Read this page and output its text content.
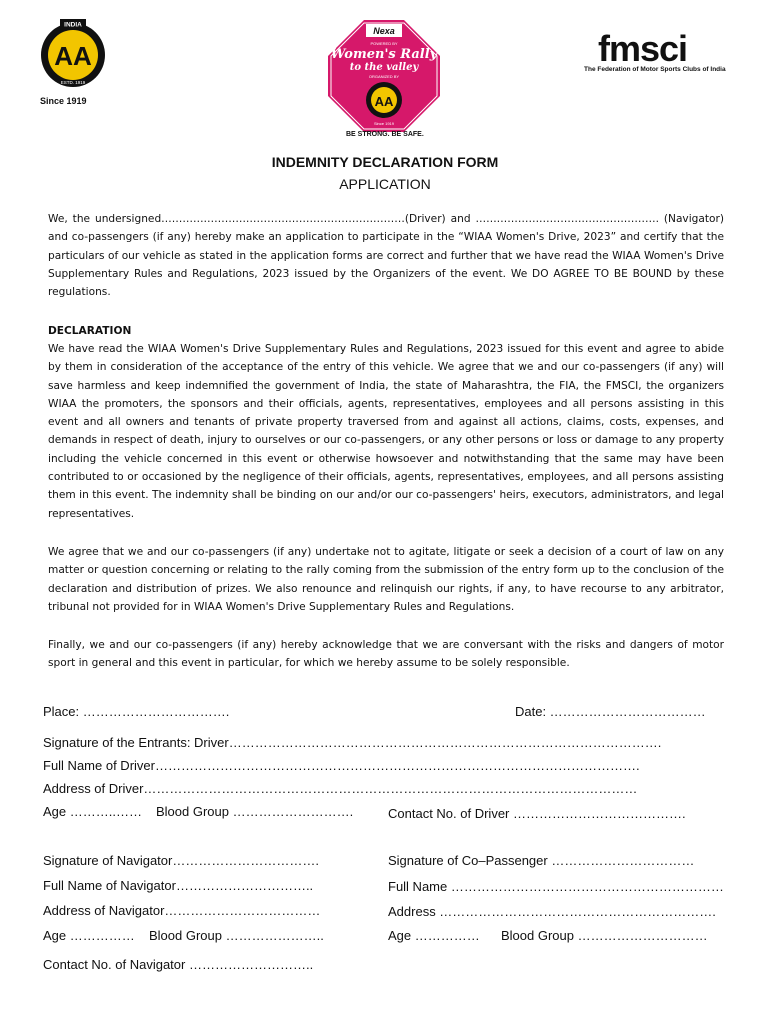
AA
INDIA
ESTD. 1919
Since 1919
Nexa
POWERED BY
Women's Rally
to the valley
ORGANIZED BY
AA
Since 1919
BE STRONG. BE SAFE.
fmsci
The Federation of Motor Sports Clubs of India
INDEMNITY DECLARATION FORM
APPLICATION
We, the undersigned……………………………………………………………(Driver) and ……………………………………………. (Navigator) and co-passengers (if any) hereby make an application to participate in the “WIAA Women's Drive, 2023” and certify that the particulars of our vehicle as stated in the application forms are correct and further that we have read the WIAA Women's Drive Supplementary Rules and Regulations, 2023 issued by the Organizers of the event. We DO AGREE TO BE BOUND by these regulations.
DECLARATION
We have read the WIAA Women's Drive Supplementary Rules and Regulations, 2023 issued for this event and agree to abide by them in consideration of the acceptance of the entry of this vehicle. We agree that we and our co-passengers (if any) will save harmless and keep indemnified the government of India, the state of Maharashtra, the FIA, the FMSCI, the organizers WIAA the promoters, the sponsors and their officials, agents, representatives, employees and all persons assisting in this event and all owners and tenants of private property traversed from and against all actions, claims, costs, expenses, and demands in respect of death, injury to ourselves or our co-passengers, or any other persons or loss or damage to any property including the vehicle concerned in this event or otherwise howsoever and notwithstanding that the same may have been contributed to or occasioned by the negligence of their officials, agents, representatives, employees, and all persons assisting them in this event. The indemnity shall be binding on our and/or our co-passengers' heirs, executors, administrators, and legal representatives.
We agree that we and our co-passengers (if any) undertake not to agitate, litigate or seek a decision of a court of law on any matter or question concerning or relating to the rally coming from the submission of the entry form up to the conclusion of the declaration and distribution of prizes. We also renounce and relinquish our rights, if any, to have recourse to any arbitrator, tribunal not provided for in WIAA Women's Drive Supplementary Rules and Regulations.
Finally, we and our co-passengers (if any) hereby acknowledge that we are conversant with the risks and dangers of motor sport in general and this event in particular, for which we hereby assume to be solely responsible.
Place: …………………………….	Date: ………………………………
Signature of the Entrants: Driver……………………………………………………………………………………….
Full Name of Driver………………………………………………………………………………………………….
Address of Driver……………………………………………………………………………………………………
Age ………..…… Blood Group ……………………….	Contact No. of Driver ………………………………….
Signature of Navigator…………………………….	Signature of Co–Passenger ……………………………
Full Name of Navigator…………………………..	Full Name ………………………………………………………
Address of Navigator………………………………	Address ……………………………………………………….
Age …………… Blood Group …………………..	Age …………… Blood Group …………………………
Contact No. of Navigator ………………………..
